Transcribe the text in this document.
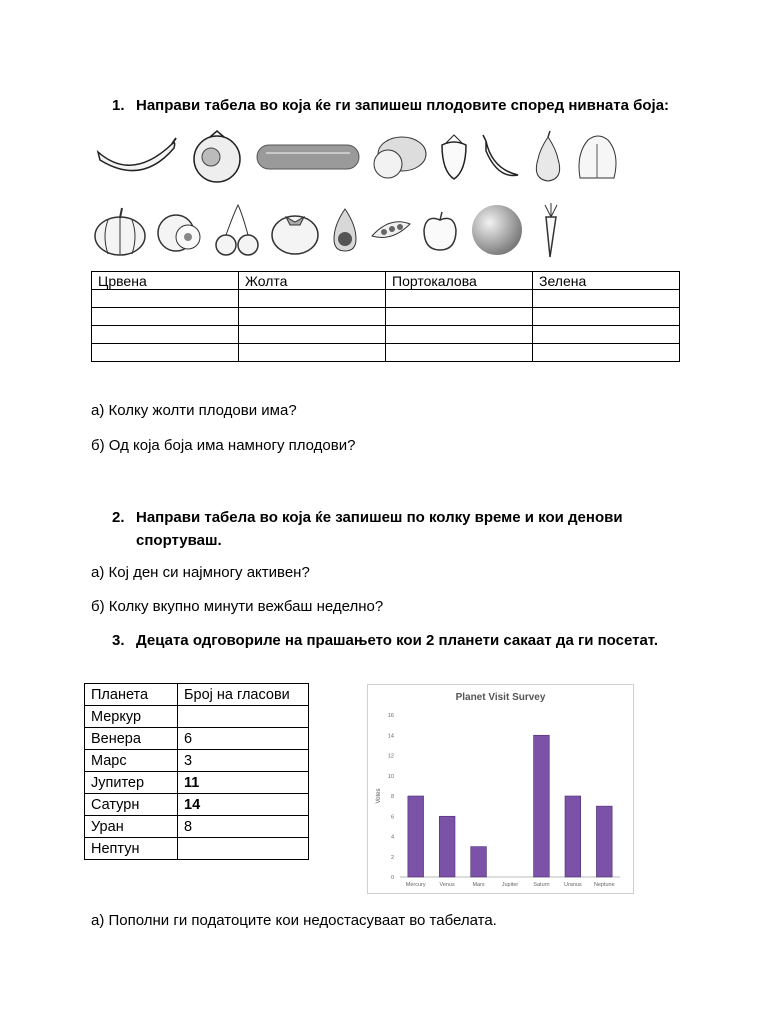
1. Направи табела во која ќе ги запишеш плодовите според нивната боја:
Црвена	Жолта	Портокалова	Зелена

а) Колку жолти плодови има?
б) Од која боја има намногу плодови?
2. Направи табела во која ќе запишеш по колку време и кои денови
спортуваш.
а) Кој ден си најмногу активен?
б) Колку вкупно минути вежбаш неделно?
3. Децата одговориле на прашањето кои 2 планети сакаат да ги посетат.
Планета	Број на гласови
Меркур	
Венера	6
Марс	3
Јупитер	11
Сатурн	14
Уран	8
Нептун	
Planet Visit Survey
Votes
0
2
4
6
8
10
12
14
16
Mercury	Venus	Mars	Jupiter	Saturn	Uranus Neptune
а) Пополни ги податоците кои недостасуваат во табелата.
